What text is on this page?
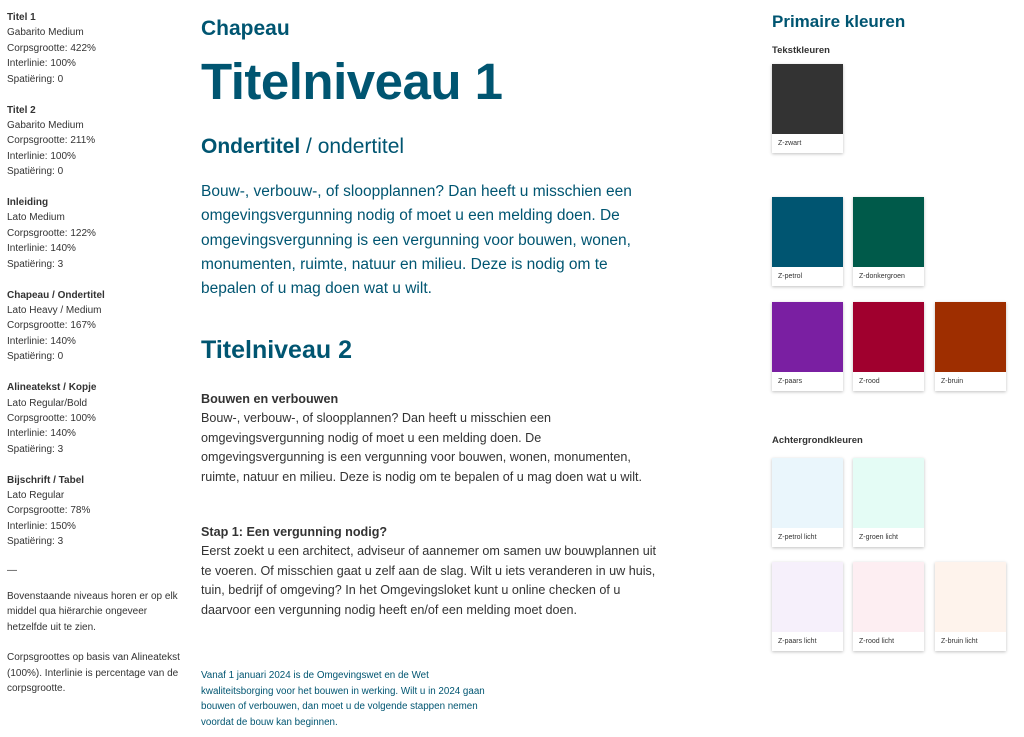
Titel 1
Gabarito Medium
Corpsgrootte: 422%
Interlinie: 100%
Spatiëring: 0
Titel 2
Gabarito Medium
Corpsgrootte: 211%
Interlinie: 100%
Spatiëring: 0
Inleiding
Lato Medium
Corpsgrootte: 122%
Interlinie: 140%
Spatiëring: 3
Chapeau / Ondertitel
Lato Heavy / Medium
Corpsgrootte: 167%
Interlinie: 140%
Spatiëring: 0
Alineatekst / Kopje
Lato Regular/Bold
Corpsgrootte: 100%
Interlinie: 140%
Spatiëring: 3
Bijschrift / Tabel
Lato Regular
Corpsgrootte: 78%
Interlinie: 150%
Spatiëring: 3
—
Bovenstaande niveaus horen er op elk middel qua hiërarchie ongeveer hetzelfde uit te zien.
Corpsgroottes op basis van Alineatekst (100%). Interlinie is percentage van de corpsgrootte.
Chapeau
Titelniveau 1
Ondertitel / ondertitel
Bouw-, verbouw-, of sloopplannen? Dan heeft u misschien een omgevingsvergunning nodig of moet u een melding doen. De omgevingsvergunning is een vergunning voor bouwen, wonen, monumenten, ruimte, natuur en milieu. Deze is nodig om te bepalen of u mag doen wat u wilt.
Titelniveau 2
Bouwen en verbouwen
Bouw-, verbouw-, of sloopplannen? Dan heeft u misschien een omgevingsvergunning nodig of moet u een melding doen. De omgevingsvergunning is een vergunning voor bouwen, wonen, monumenten, ruimte, natuur en milieu. Deze is nodig om te bepalen of u mag doen wat u wilt.
Stap 1: Een vergunning nodig?
Eerst zoekt u een architect, adviseur of aannemer om samen uw bouwplannen uit te voeren. Of misschien gaat u zelf aan de slag. Wilt u iets veranderen in uw huis, tuin, bedrijf of omgeving? In het Omgevingsloket kunt u online checken of u daarvoor een vergunning nodig heeft en/of een melding moet doen.
Vanaf 1 januari 2024 is de Omgevingswet en de Wet kwaliteitsborging voor het bouwen in werking. Wilt u in 2024 gaan bouwen of verbouwen, dan moet u de volgende stappen nemen voordat de bouw kan beginnen.
Primaire kleuren
Tekstkleuren
Z-zwart
Z-petrol	Z-donkergroen
Z-paars	Z-rood	Z-bruin
Achtergrondkleuren
Z-petrol licht	Z-groen licht
Z-paars licht	Z-rood licht	Z-bruin licht
